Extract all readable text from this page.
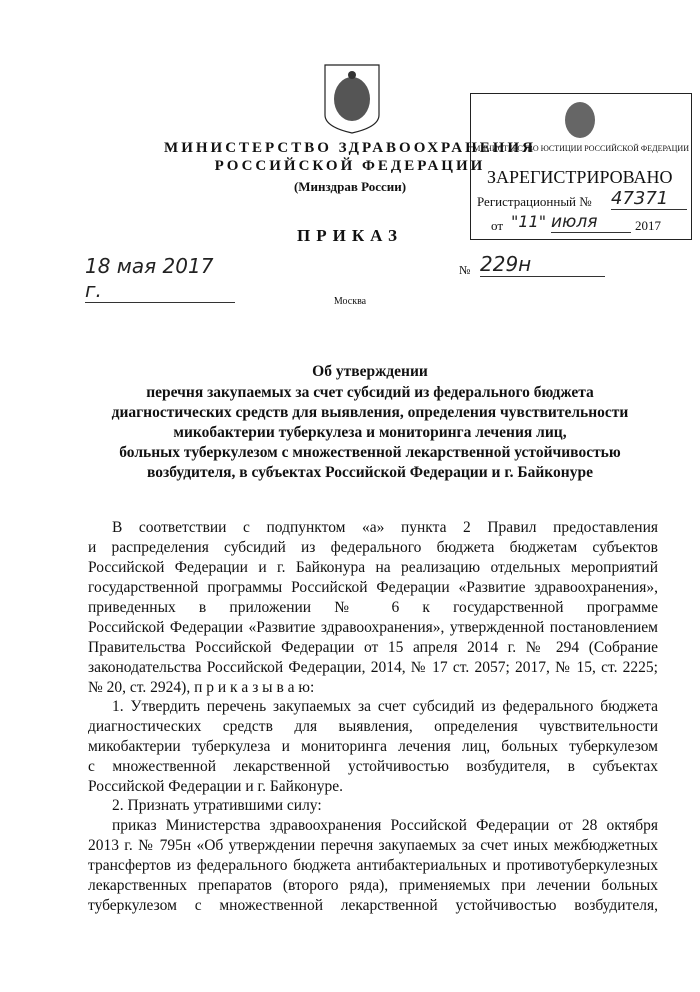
МИНИСТЕРСТВО ЗДРАВООХРАНЕНИЯ
РОССИЙСКОЙ ФЕДЕРАЦИИ
(Минздрав России)
ПРИКАЗ
18 мая 2017 г.
№ 229н
Москва
МИНИСТЕРСТВО ЮСТИЦИИ РОССИЙСКОЙ ФЕДЕРАЦИИ
ЗАРЕГИСТРИРОВАНО
Регистрационный № 47371
от "11" июля	2017
Об утверждении
перечня закупаемых за счет субсидий из федерального бюджета
диагностических средств для выявления, определения чувствительности
микобактерии туберкулеза и мониторинга лечения лиц,
больных туберкулезом с множественной лекарственной устойчивостью
возбудителя, в субъектах Российской Федерации и г. Байконуре
В соответствии с подпунктом «а» пункта 2 Правил предоставления
и распределения субсидий из федерального бюджета бюджетам субъектов
Российской Федерации и г. Байконура на реализацию отдельных мероприятий
государственной программы Российской Федерации «Развитие здравоохранения»,
приведенных в приложении № 6 к государственной программе
Российской Федерации «Развитие здравоохранения», утвержденной постановлением
Правительства Российской Федерации от 15 апреля 2014 г. № 294 (Собрание
законодательства Российской Федерации, 2014, № 17 ст. 2057; 2017, № 15, ст. 2225;
№ 20, ст. 2924), п р и к а з ы в а ю:
1. Утвердить перечень закупаемых за счет субсидий из федерального бюджета
диагностических средств для выявления, определения чувствительности
микобактерии туберкулеза и мониторинга лечения лиц, больных туберкулезом
с множественной лекарственной устойчивостью возбудителя, в субъектах
Российской Федерации и г. Байконуре.
2. Признать утратившими силу:
приказ Министерства здравоохранения Российской Федерации от 28 октября
2013 г. № 795н «Об утверждении перечня закупаемых за счет иных межбюджетных
трансфертов из федерального бюджета антибактериальных и противотуберкулезных
лекарственных препаратов (второго ряда), применяемых при лечении больных
туберкулезом с множественной лекарственной устойчивостью возбудителя,
